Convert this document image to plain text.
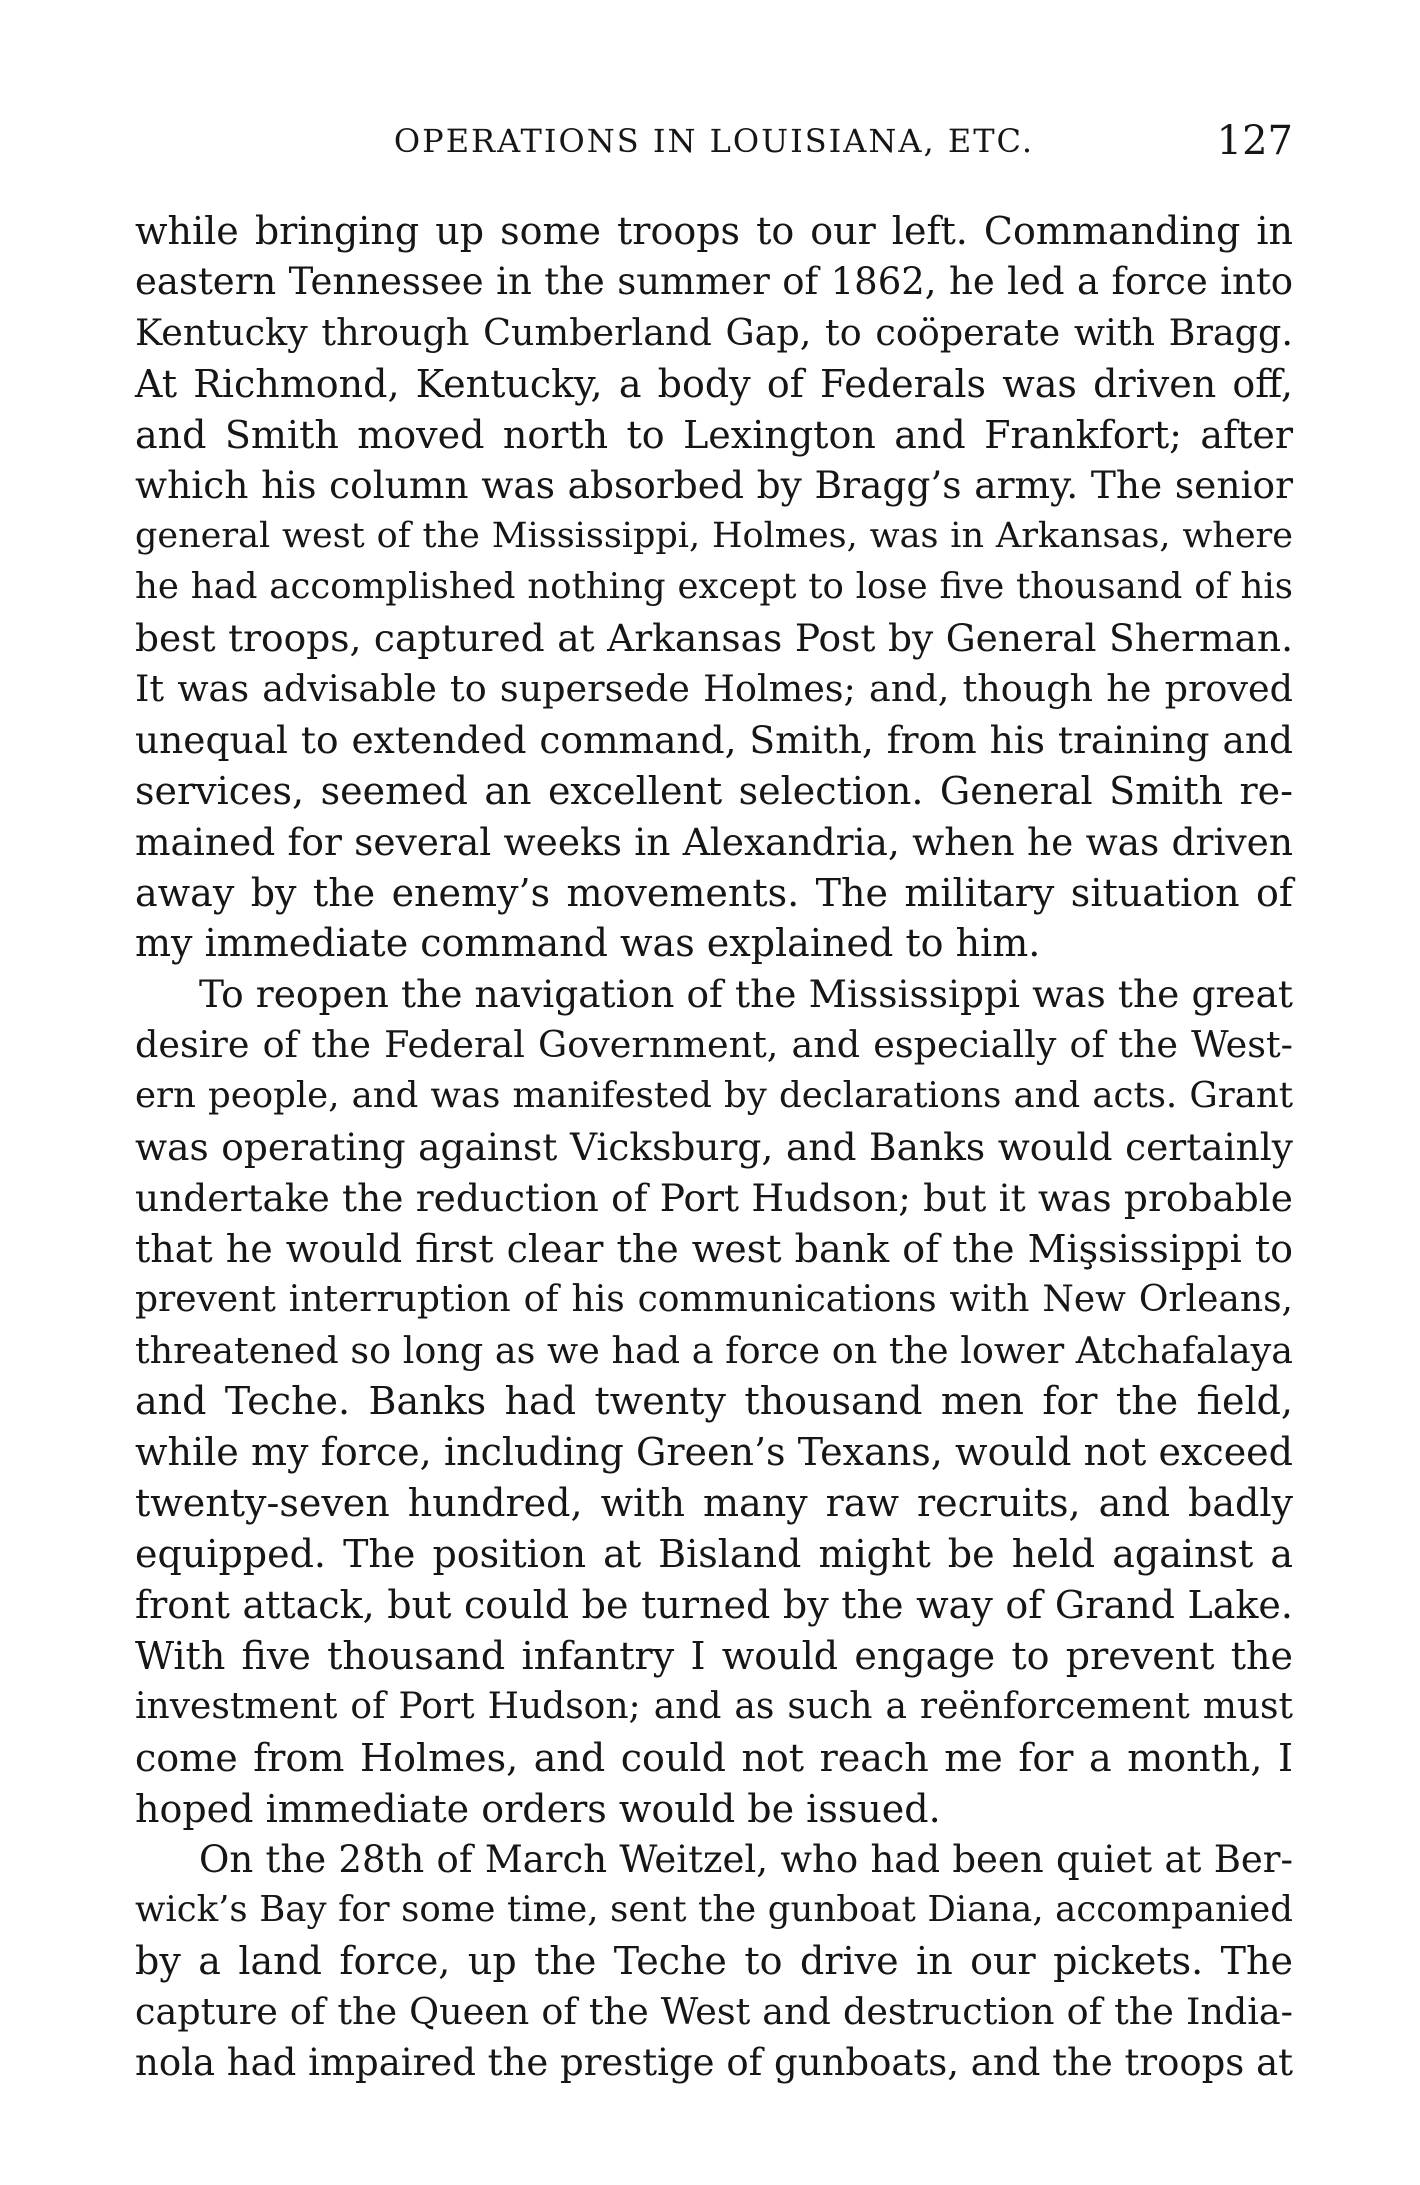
OPERATIONS IN LOUISIANA, ETC.	127
while bringing up some troops to our left. Commanding in
eastern Tennessee in the summer of 1862, he led a force into
Kentucky through Cumberland Gap, to coöperate with Bragg.
At Richmond, Kentucky, a body of Federals was driven off,
and Smith moved north to Lexington and Frankfort; after
which his column was absorbed by Bragg’s army. The senior
general west of the Mississippi, Holmes, was in Arkansas, where
he had accomplished nothing except to lose five thousand of his
best troops, captured at Arkansas Post by General Sherman.
It was advisable to supersede Holmes; and, though he proved
unequal to extended command, Smith, from his training and
services, seemed an excellent selection. General Smith re-
mained for several weeks in Alexandria, when he was driven
away by the enemy’s movements. The military situation of
my immediate command was explained to him.
To reopen the navigation of the Mississippi was the great
desire of the Federal Government, and especially of the West-
ern people, and was manifested by declarations and acts. Grant
was operating against Vicksburg, and Banks would certainly
undertake the reduction of Port Hudson; but it was probable
that he would first clear the west bank of the Mişsissippi to
prevent interruption of his communications with New Orleans,
threatened so long as we had a force on the lower Atchafalaya
and Teche. Banks had twenty thousand men for the field,
while my force, including Green’s Texans, would not exceed
twenty-seven hundred, with many raw recruits, and badly
equipped. The position at Bisland might be held against a
front attack, but could be turned by the way of Grand Lake.
With five thousand infantry I would engage to prevent the
investment of Port Hudson; and as such a reënforcement must
come from Holmes, and could not reach me for a month, I
hoped immediate orders would be issued.
On the 28th of March Weitzel, who had been quiet at Ber-
wick’s Bay for some time, sent the gunboat Diana, accompanied
by a land force, up the Teche to drive in our pickets. The
capture of the Queen of the West and destruction of the India-
nola had impaired the prestige of gunboats, and the troops at
